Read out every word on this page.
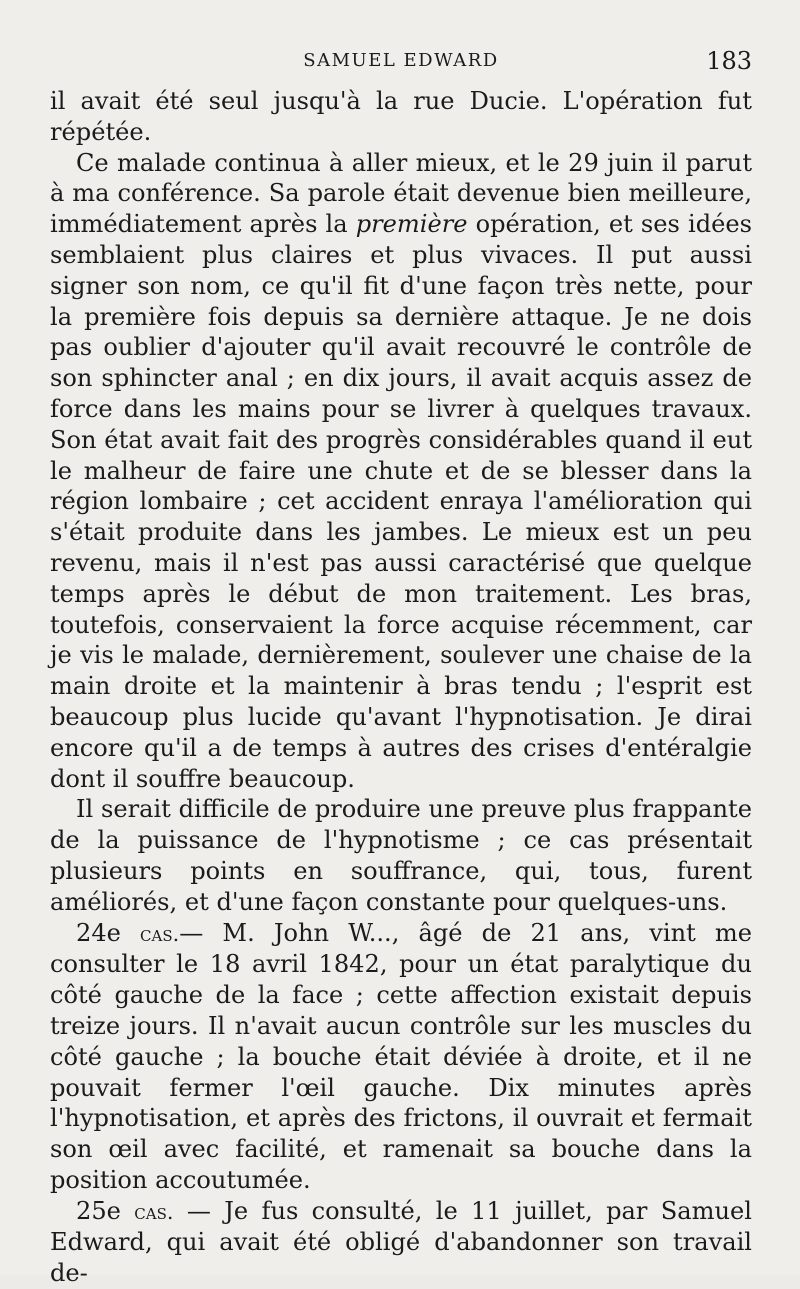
SAMUEL EDWARD	183

il avait été seul jusqu'à la rue Ducie. L'opération fut répétée.

Ce malade continua à aller mieux, et le 29 juin il parut à ma conférence. Sa parole était devenue bien meilleure, immédiatement après la première opération, et ses idées semblaient plus claires et plus vivaces. Il put aussi signer son nom, ce qu'il fit d'une façon très nette, pour la première fois depuis sa dernière attaque. Je ne dois pas oublier d'ajouter qu'il avait recouvré le contrôle de son sphincter anal ; en dix jours, il avait acquis assez de force dans les mains pour se livrer à quelques travaux. Son état avait fait des progrès considérables quand il eut le malheur de faire une chute et de se blesser dans la région lombaire ; cet accident enraya l'amélioration qui s'était produite dans les jambes. Le mieux est un peu revenu, mais il n'est pas aussi caractérisé que quelque temps après le début de mon traitement. Les bras, toutefois, conservaient la force acquise récemment, car je vis le malade, dernièrement, soulever une chaise de la main droite et la maintenir à bras tendu ; l'esprit est beaucoup plus lucide qu'avant l'hypnotisation. Je dirai encore qu'il a de temps à autres des crises d'entéralgie dont il souffre beaucoup.

Il serait difficile de produire une preuve plus frappante de la puissance de l'hypnotisme ; ce cas présentait plusieurs points en souffrance, qui, tous, furent améliorés, et d'une façon constante pour quelques-uns.

24e cas.— M. John W..., âgé de 21 ans, vint me consulter le 18 avril 1842, pour un état paralytique du côté gauche de la face ; cette affection existait depuis treize jours. Il n'avait aucun contrôle sur les muscles du côté gauche ; la bouche était déviée à droite, et il ne pouvait fermer l'œil gauche. Dix minutes après l'hypnotisation, et après des frictons, il ouvrait et fermait son œil avec facilité, et ramenait sa bouche dans la position accoutumée.

25e cas. — Je fus consulté, le 11 juillet, par Samuel Edward, qui avait été obligé d'abandonner son travail de-
